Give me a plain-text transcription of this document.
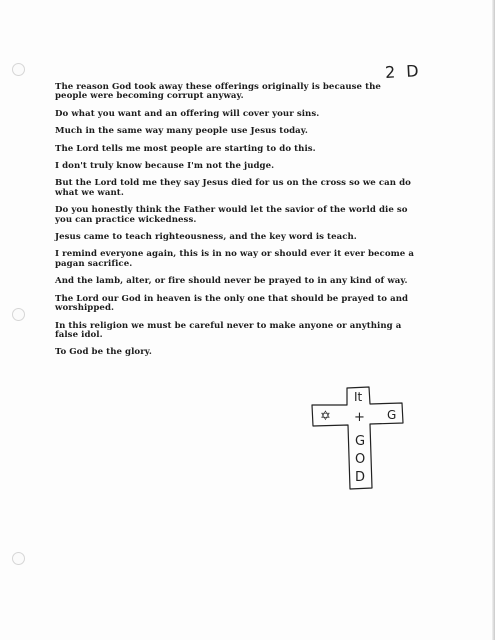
2 D

The reason God took away these offerings originally is because the people were becoming corrupt anyway.

Do what you want and an offering will cover your sins.

Much in the same way many people use Jesus today.

The Lord tells me most people are starting to do this.

I don't truly know because I'm not the judge.

But the Lord told me they say Jesus died for us on the cross so we can do what we want.

Do you honestly think the Father would let the savior of the world die so you can practice wickedness.

Jesus came to teach righteousness, and the key word is teach.

I remind everyone again, this is in no way or should ever it ever become a pagan sacrifice.

And the lamb, alter, or fire should never be prayed to in any kind of way.

The Lord our God in heaven is the only one that should be prayed to and worshipped.

In this religion we must be careful never to make anyone or anything a false idol.

To God be the glory.

It
✡	G
+
G
O
D
